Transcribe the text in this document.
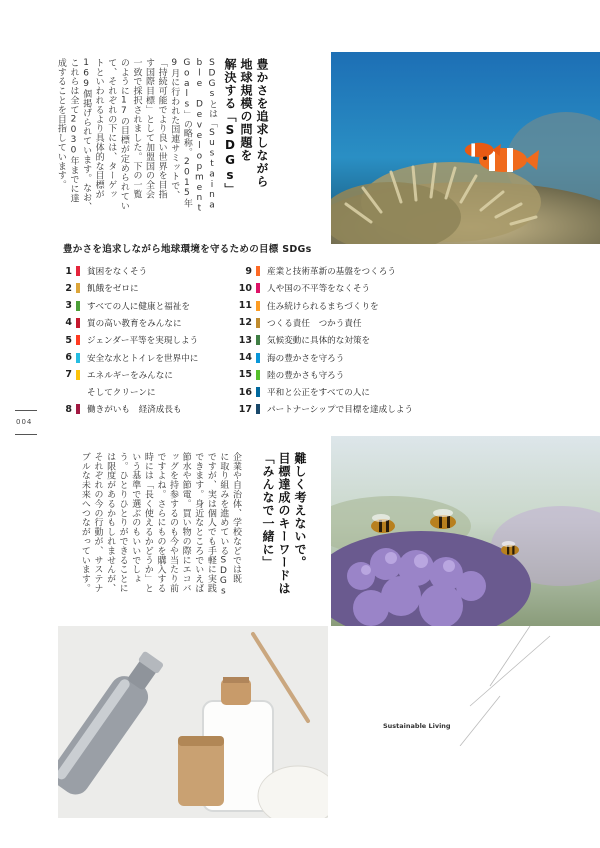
豊かさを追求しながら
地球規模の問題を
解決する「SDGs」
SDGsとは「Sustaina
ble Development
Goals」の略称。2015年
9月に行われた国連サミットで、
「持続可能でより良い世界を目指
す国際目標」として加盟国の全会
一致で採択されました。下の一覧
のように17の目標が定められてい
て、それぞれの下には、ターゲッ
トといわれるより具体的な目標が
169個掲げられています。なお、
これらは全て2030年までに達
成することを目指しています。
豊かさを追求しながら地球環境を守るための目標 SDGs
1	貧困をなくそう
2	飢餓をゼロに
3	すべての人に健康と福祉を
4	質の高い教育をみんなに
5	ジェンダー平等を実現しよう
6	安全な水とトイレを世界中に
7	エネルギーをみんなに
そしてクリーンに
8	働きがいも　経済成長も
9	産業と技術革新の基盤をつくろう
10	人や国の不平等をなくそう
11	住み続けられるまちづくりを
12	つくる責任　つかう責任
13	気候変動に具体的な対策を
14	海の豊かさを守ろう
15	陸の豊かさも守ろう
16	平和と公正をすべての人に
17	パートナーシップで目標を達成しよう
004
難しく考えないで。
目標達成のキーワードは
「みんなで一緒に」
企業や自治体、学校などでは既
に取り組みを進めているSDGs
ですが、実は個人でも手軽に実践
できます。身近なところでいえば
節水や節電。買い物の際にエコバ
ッグを持参するのも今や当たり前
ですよね。さらにものを購入する
時には「長く使えるかどうか」と
いう基準で選ぶのもいいでしょ
う。ひとりひとりができることに
は限度があるかもしれませんが、
それぞれの今の行動が、サステナ
ブルな未来へつながっています。
Sustainable Living
